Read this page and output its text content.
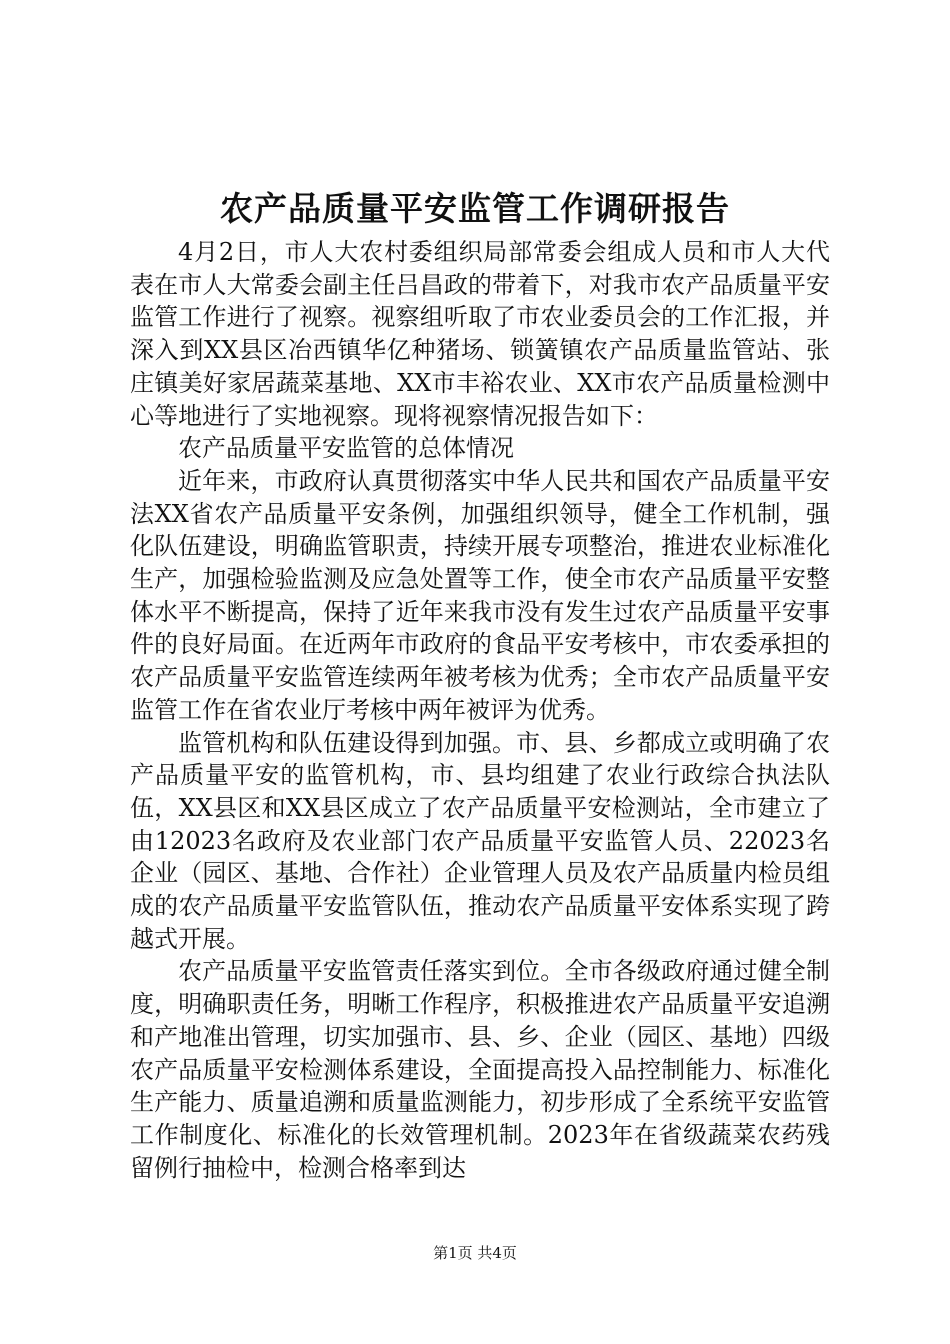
农产品质量平安监管工作调研报告

4月2日，市人大农村委组织局部常委会组成人员和市人大代表在市人大常委会副主任吕昌政的带着下，对我市农产品质量平安监管工作进行了视察。视察组听取了市农业委员会的工作汇报，并深入到XX县区冶西镇华亿种猪场、锁簧镇农产品质量监管站、张庄镇美好家居蔬菜基地、XX市丰裕农业、XX市农产品质量检测中心等地进行了实地视察。现将视察情况报告如下：

农产品质量平安监管的总体情况

近年来，市政府认真贯彻落实中华人民共和国农产品质量平安法XX省农产品质量平安条例，加强组织领导，健全工作机制，强化队伍建设，明确监管职责，持续开展专项整治，推进农业标准化生产，加强检验监测及应急处置等工作，使全市农产品质量平安整体水平不断提高，保持了近年来我市没有发生过农产品质量平安事件的良好局面。在近两年市政府的食品平安考核中，市农委承担的农产品质量平安监管连续两年被考核为优秀；全市农产品质量平安监管工作在省农业厅考核中两年被评为优秀。

监管机构和队伍建设得到加强。市、县、乡都成立或明确了农产品质量平安的监管机构，市、县均组建了农业行政综合执法队伍，XX县区和XX县区成立了农产品质量平安检测站，全市建立了由12023名政府及农业部门农产品质量平安监管人员、22023名企业（园区、基地、合作社）企业管理人员及农产品质量内检员组成的农产品质量平安监管队伍，推动农产品质量平安体系实现了跨越式开展。

农产品质量平安监管责任落实到位。全市各级政府通过健全制度，明确职责任务，明晰工作程序，积极推进农产品质量平安追溯和产地准出管理，切实加强市、县、乡、企业（园区、基地）四级农产品质量平安检测体系建设，全面提高投入品控制能力、标准化生产能力、质量追溯和质量监测能力，初步形成了全系统平安监管工作制度化、标准化的长效管理机制。2023年在省级蔬菜农药残留例行抽检中，检测合格率到达

第1页 共4页
